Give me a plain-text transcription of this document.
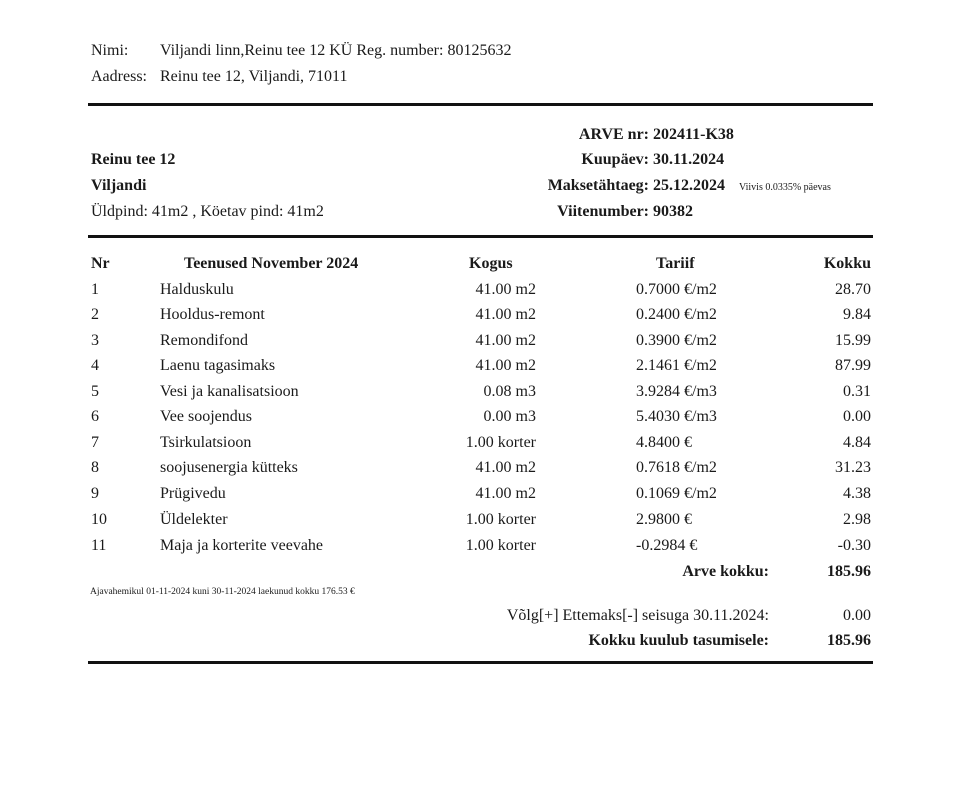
Nimi: Viljandi linn,Reinu tee 12 KÜ Reg. number: 80125632
Aadress: Reinu tee 12, Viljandi, 71011
Reinu tee 12
Viljandi
Üldpind: 41m2 , Köetav pind: 41m2
ARVE nr: 202411-K38
Kuupäev: 30.11.2024
Maksetähtaeg: 25.12.2024 Viivis 0.0335% päevas
Viitenumber: 90382
Nr	Teenused November 2024	Kogus	Tariif	Kokku
1	Halduskulu	41.00 m2	0.7000 €/m2	28.70
2	Hooldus-remont	41.00 m2	0.2400 €/m2	9.84
3	Remondifond	41.00 m2	0.3900 €/m2	15.99
4	Laenu tagasimaks	41.00 m2	2.1461 €/m2	87.99
5	Vesi ja kanalisatsioon	0.08 m3	3.9284 €/m3	0.31
6	Vee soojendus	0.00 m3	5.4030 €/m3	0.00
7	Tsirkulatsioon	1.00 korter	4.8400 €	4.84
8	soojusenergia kütteks	41.00 m2	0.7618 €/m2	31.23
9	Prügivedu	41.00 m2	0.1069 €/m2	4.38
10	Üldelekter	1.00 korter	2.9800 €	2.98
11	Maja ja korterite veevahe	1.00 korter	-0.2984 €	-0.30
Arve kokku:	185.96
Ajavahemikul 01-11-2024 kuni 30-11-2024 laekunud kokku 176.53 €
Võlg[+] Ettemaks[-] seisuga 30.11.2024:	0.00
Kokku kuulub tasumisele:	185.96
